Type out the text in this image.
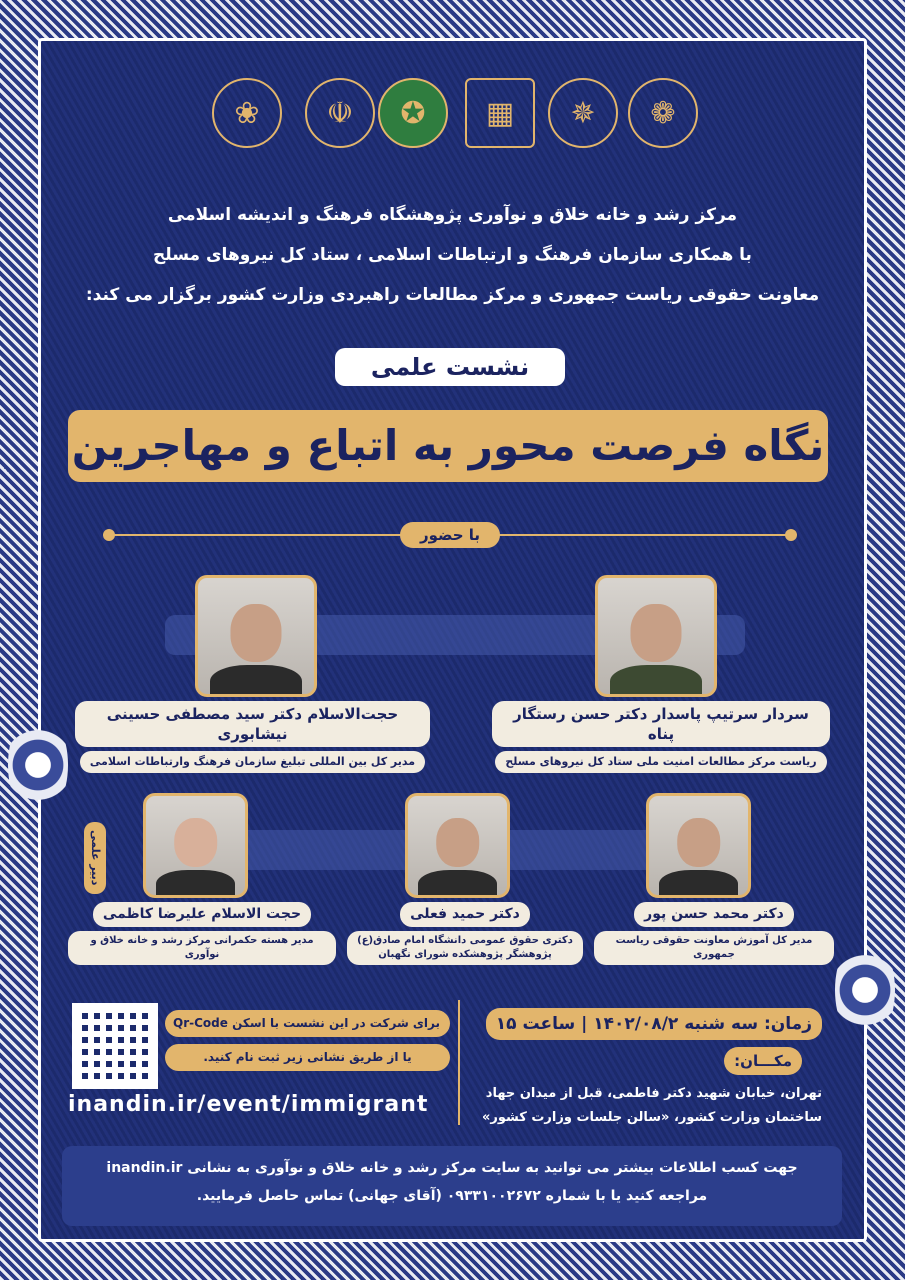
❀	☫	✪	▦	✵	❁
مرکز رشد و خانه خلاق و نوآوری پژوهشگاه فرهنگ و اندیشه اسلامی
با همکاری سازمان فرهنگ و ارتباطات اسلامی ، ستاد کل نیروهای مسلح
معاونت حقوقی ریاست جمهوری و مرکز مطالعات راهبردی وزارت کشور برگزار می کند:
نشست علمی
نگاه فرصت محور به اتباع و مهاجرین
با حضور
سردار سرتیپ پاسدار دکتر حسن رستگار پناه
ریاست مرکز مطالعات امنیت ملی ستاد کل نیروهای مسلح
حجت‌الاسلام دکتر سید مصطفی حسینی نیشابوری
مدیر کل بین المللی تبلیغ سازمان فرهنگ وارتباطات اسلامی
دکتر محمد حسن پور
مدیر کل آموزش معاونت حقوقی ریاست جمهوری
دکتر حمید فعلی
دکتری حقوق عمومی دانشگاه امام صادق(ع)
پژوهشگر پژوهشکده شورای نگهبان
حجت الاسلام علیرضا کاظمی
مدیر هسته حکمرانی مرکز رشد و خانه خلاق و نوآوری
دبیر علمی
برای شرکت در این نشست با اسکن Qr-Code
یا از طریق نشانی زیر ثبت نام کنید.
inandin.ir/event/immigrant
زمان: سه شنبه ۱۴۰۲/۰۸/۲ | ساعت ۱۵
مکـــان:
تهران، خیابان شهید دکتر فاطمی، قبل از میدان جهاد
ساختمان وزارت کشور، «سالن جلسات وزارت کشور»
جهت کسب اطلاعات بیشتر می توانید به سایت مرکز رشد و خانه خلاق و نوآوری به نشانی inandin.ir
مراجعه کنید یا با شماره ۰۹۳۳۱۰۰۲۶۷۲ (آقای جهانی) تماس حاصل فرمایید.
